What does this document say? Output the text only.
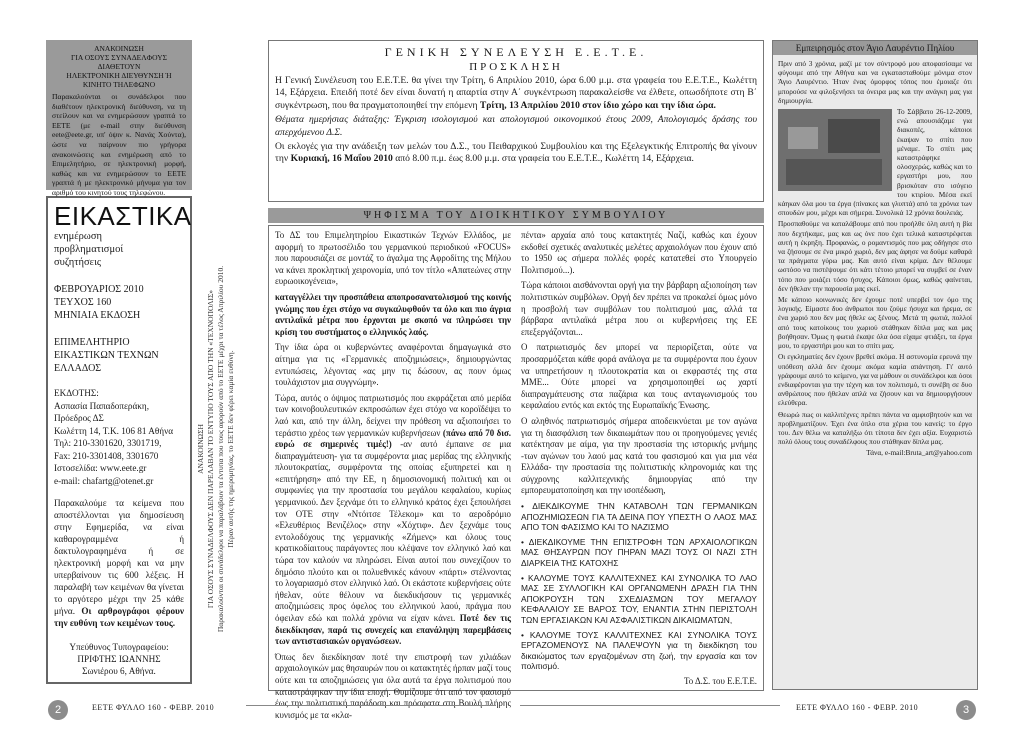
ΑΝΑΚΟΙΝΩΣΗ
ΓΙΑ ΟΣΟΥΣ ΣΥΝΑΔΕΛΦΟΥΣ ΔΙΑΘΕΤΟΥΝ
ΗΛΕΚΤΡΟΝΙΚΗ ΔΙΕΥΘΥΝΣΗ Ή ΚΙΝΗΤΟ ΤΗΛΕΦΩΝΟ
Παρακαλούνται οι συνάδελφοι που διαθέτουν ηλεκτρονική διεύθυνση, να τη στείλουν και να ενημερώσουν γραπτά το ΕΕΤΕ (με e-mail στην διεύθυνση eete@eete.gr, υπ' όψιν κ. Νανάς Χούντα), ώστε να παίρνουν πιο γρήγορα ανακοινώσεις και ενημέρωση από το Επιμελητήριο, σε ηλεκτρονική μορφή, καθώς και να ενημερώσουν το ΕΕΤΕ γραπτά ή με ηλεκτρονικό μήνυμα για τον αριθμό του κινητού τους τηλεφώνου.
ΕΙΚΑΣΤΙΚΑ
ενημέρωση
προβληματισμοί
συζητήσεις
ΦΕΒΡΟΥΑΡΙΟΣ 2010
ΤΕΥΧΟΣ 160
ΜΗΝΙΑΙΑ ΕΚΔΟΣΗ
ΕΠΙΜΕΛΗΤΗΡΙΟ
ΕΙΚΑΣΤΙΚΩΝ ΤΕΧΝΩΝ
ΕΛΛΑΔΟΣ
ΕΚΔΟΤΗΣ:
Ασπασία Παπαδοπεράκη,
Πρόεδρος ΔΣ
Κωλέττη 14, Τ.Κ. 106 81 Αθήνα
Τηλ: 210-3301620, 3301719,
Fax: 210-3301408, 3301670
Ιστοσελίδα: www.eete.gr
e-mail: chafartg@otenet.gr
Παρακαλούμε τα κείμενα που αποστέλλονται για δημοσίευση στην Εφημερίδα, να είναι καθαρογραμμένα ή δακτυλογραφημένα ή σε ηλεκτρονική μορφή και να μην υπερβαίνουν τις 600 λέξεις. Η παραλαβή των κειμένων θα γίνεται το αργότερο μέχρι την 25 κάθε μήνα. Οι αρθρογράφοι φέρουν την ευθύνη των κειμένων τους.
Υπεύθυνος Τυπογραφείου:
ΠΡΙΦΤΗΣ ΙΩΑΝΝΗΣ
Σωνιέρου 6, Αθήνα.
ΑΝΑΚΟΙΝΩΣΗ ΓΙΑ ΟΣΟΥΣ ΣΥΝΑΔΕΛΦΟΥΣ ΔΕΝ ΠΑΡΕΛΑΒΑΝ ΤΟ ΕΝΤΥΠΟ ΤΟΥΣ ΑΠΟ ΤΗΝ «ΤΕΧΝΟΠΟΛΙΣ» Παρακαλούνται οι συνάδελφοι να παραλάβουν τα έντυπα που τους αφορούν από το ΕΕΤΕ μέχρι τα τέλος Απριλίου 2010. Πέραν αυτής της ημερομηνίας, το ΕΕΤΕ δεν φέρει καμία ευθύνη.
ΓΕΝΙΚΗ ΣΥΝΕΛΕΥΣΗ Ε.Ε.Τ.Ε.
ΠΡΟΣΚΛΗΣΗ

Η Γενική Συνέλευση του Ε.Ε.Τ.Ε. θα γίνει την Τρίτη, 6 Απριλίου 2010, ώρα 6.00 μ.μ. στα γραφεία του Ε.Ε.Τ.Ε., Κωλέττη 14, Εξάρχεια. Επειδή ποτέ δεν είναι δυνατή η απαρτία στην Α΄ συγκέντρωση παρακαλείσθε να έλθετε, οπωσδήποτε στη Β΄ συγκέντρωση, που θα πραγματοποιηθεί την επόμενη Τρίτη, 13 Απριλίου 2010 στον ίδιο χώρο και την ίδια ώρα.

Θέματα ημερήσιας διάταξης: Έγκριση ισολογισμού και απολογισμού οικονομικού έτους 2009, Απολογισμός δράσης του απερχόμενου Δ.Σ.

Οι εκλογές για την ανάδειξη των μελών του Δ.Σ., του Πειθαρχικού Συμβουλίου και της Εξελεγκτικής Επιτροπής θα γίνουν την Κυριακή, 16 Μαΐου 2010 από 8.00 π.μ. έως 8.00 μ.μ. στα γραφεία του Ε.Ε.Τ.Ε., Κωλέττη 14, Εξάρχεια.

ΨΗΦΙΣΜΑ ΤΟΥ ΔΙΟΙΚΗΤΙΚΟΥ ΣΥΜΒΟΥΛΙΟΥ

Το ΔΣ του Επιμελητηρίου Εικαστικών Τεχνών Ελλάδος, με αφορμή το πρωτοσέλιδο του γερμανικού περιοδικού «FOCUS» που παρουσιάζει σε μοντάζ το άγαλμα της Αφροδίτης της Μήλου να κάνει προκλητική χειρονομία, υπό τον τίτλο «Απατεώνες στην ευρωοικογένεια»,

καταγγέλλει την προσπάθεια αποπροσανατολισμού της κοινής γνώμης που έχει στόχο να συγκαλυφθούν τα όλο και πιο άγρια αντιλαϊκά μέτρα που έρχονται με σκοπό να πληρώσει την κρίση του συστήματος ο ελληνικός λαός.

Την ίδια ώρα οι κυβερνώντες αναφέρονται δημαγωγικά στο αίτημα για τις «Γερμανικές αποζημιώσεις», δημιουργώντας εντυπώσεις, λέγοντας «ας μην τις δώσουν, ας πουν όμως τουλάχιστον μια συγγνώμη».

Τώρα, αυτός ο όψιμος πατριωτισμός που εκφράζεται από μερίδα των κοινοβουλευτικών εκπροσώπων έχει στόχο να κοροϊδέψει το λαό και, από την άλλη, δείχνει την πρόθεση να αξιοποιήσει το τεράστιο χρέος των γερμανικών κυβερνήσεων (πάνω από 70 δισ. ευρώ σε σημερινές τιμές!) -αν αυτό έμπαινε σε μια διαπραγμάτευση- για τα συμφέροντα μιας μερίδας της ελληνικής πλουτοκρατίας, συμφέροντα της οποίας εξυπηρετεί και η «επιτήρηση» από την ΕΕ, η δημοσιονομική πολιτική και οι συμφωνίες για την προστασία του μεγάλου κεφαλαίου, κυρίως γερμανικού. Δεν ξεχνάμε ότι το ελληνικό κράτος έχει ξεπουλήσει τον ΟΤΕ στην «Ντόιτσε Τέλεκομ» και το αεροδρόμιο «Ελευθέριος Βενιζέλος» στην «Χόχτιφ». Δεν ξεχνάμε τους εντολοδόχους της γερμανικής «Ζήμενς» και όλους τους κρατικοδίαιτους παράγοντες που κλέψανε τον ελληνικό λαό και τώρα τον καλούν να πληρώσει. Είναι αυτοί που συνεχίζουν το δημόσιο πλούτο και οι πολυεθνικές κάνουν «πάρτι» στέλνοντας το λογαριασμό στον ελληνικό λαό. Οι εκάστοτε κυβερνήσεις ούτε ήθελαν, ούτε θέλουν να διεκδικήσουν τις γερμανικές αποζημιώσεις προς όφελος του ελληνικού λαού, πράγμα που όφειλαν εδώ και πολλά χρόνια να είχαν κάνει. Ποτέ δεν τις διεκδίκησαν, παρά τις συνεχείς και επανάληψη παρεμβάσεις των αντιστασιακών οργανώσεων.

Όπως δεν διεκδίκησαν ποτέ την επιστροφή των χιλιάδων αρχαιολογικών μας θησαυρών που οι κατακτητές ήρπαν μαζί τους ούτε και τα αποζημιώσεις για όλα αυτά τα έργα πολιτισμού που καταστράφηκαν την ίδια εποχή. Θυμίζουμε ότι από τον φασισμό έως την πολιτιστική παράδοση και πρόσφατα στη Βουλή πλήρης κυνισμός με τα «κλα-

πέντα» αρχαία από τους κατακτητές Ναζί, καθώς και έχουν εκδοθεί σχετικές αναλυτικές μελέτες αρχαιολόγων που έχουν από το 1950 ως σήμερα πολλές φορές κατατεθεί στο Υπουργείο Πολιτισμού...).

Τώρα κάποιοι αισθάνονται οργή για την βάρβαρη αξιοποίηση των πολιτιστικών συμβόλων. Οργή δεν πρέπει να προκαλεί όμως μόνο η προσβολή των συμβόλων του πολιτισμού μας, αλλά τα βάρβαρα αντιλαϊκά μέτρα που οι κυβερνήσεις της ΕΕ επεξεργάζονται...

Ο πατριωτισμός δεν μπορεί να περιορίζεται, ούτε να προσαρμόζεται κάθε φορά ανάλογα με τα συμφέροντα που έχουν να υπηρετήσουν η πλουτοκρατία και οι εκφραστές της στα ΜΜΕ... Ούτε μπορεί να χρησιμοποιηθεί ως χαρτί διαπραγμάτευσης στα παζάρια και τους ανταγωνισμούς του κεφαλαίου εντός και εκτός της Ευρωπαϊκής Ένωσης.

Ο αληθινός πατριωτισμός σήμερα αποδεικνύεται με τον αγώνα για τη διασφάλιση των δικαιωμάτων που οι προηγούμενες γενιές κατέκτησαν με αίμα, για την προστασία της ιστορικής μνήμης -των αγώνων του λαού μας κατά του φασισμού και για μια νέα Ελλάδα- την προστασία της πολιτιστικής κληρονομιάς και της σύγχρονης καλλιτεχνικής δημιουργίας από την εμπορευματοποίηση και την ισοπέδωση,

• ΔΙΕΚΔΙΚΟΥΜΕ ΤΗΝ ΚΑΤΑΒΟΛΗ ΤΩΝ ΓΕΡΜΑΝΙΚΩΝ ΑΠΟΖΗΜΙΩΣΕΩΝ ΓΙΑ ΤΑ ΔΕΙΝΑ ΠΟΥ ΥΠΕΣΤΗ Ο ΛΑΟΣ ΜΑΣ ΑΠΟ ΤΟΝ ΦΑΣΙΣΜΟ ΚΑΙ ΤΟ ΝΑΖΙΣΜΟ

• ΔΙΕΚΔΙΚΟΥΜΕ ΤΗΝ ΕΠΙΣΤΡΟΦΗ ΤΩΝ ΑΡΧΑΙΟΛΟΓΙΚΩΝ ΜΑΣ ΘΗΣΑΥΡΩΝ ΠΟΥ ΠΗΡΑΝ ΜΑΖΙ ΤΟΥΣ ΟΙ ΝΑΖΙ ΣΤΗ ΔΙΑΡΚΕΙΑ ΤΗΣ ΚΑΤΟΧΗΣ

• ΚΑΛΟΥΜΕ ΤΟΥΣ ΚΑΛΛΙΤΕΧΝΕΣ ΚΑΙ ΣΥΝΟΛΙΚΑ ΤΟ ΛΑΟ ΜΑΣ ΣΕ ΣΥΛΛΟΓΙΚΗ ΚΑΙ ΟΡΓΑΝΩΜΕΝΗ ΔΡΑΣΗ ΓΙΑ ΤΗΝ ΑΠΟΚΡΟΥΣΗ ΤΩΝ ΣΧΕΔΙΑΣΜΩΝ ΤΟΥ ΜΕΓΑΛΟΥ ΚΕΦΑΛΑΙΟΥ ΣΕ ΒΑΡΟΣ ΤΟΥ, ΕΝΑΝΤΙΑ ΣΤΗΝ ΠΕΡΙΣΤΟΛΗ ΤΩΝ ΕΡΓΑΣΙΑΚΩΝ ΚΑΙ ΑΣΦΑΛΙΣΤΙΚΩΝ ΔΙΚΑΙΩΜΑΤΩΝ,

• ΚΑΛΟΥΜΕ ΤΟΥΣ ΚΑΛΛΙΤΕΧΝΕΣ ΚΑΙ ΣΥΝΟΛΙΚΑ ΤΟΥΣ ΕΡΓΑΖΟΜΕΝΟΥΣ ΝΑ ΠΑΛΕΨΟΥΝ για τη διεκδίκηση του δικαιώματος των εργαζομένων στη ζωή, την εργασία και τον πολιτισμό.

Το Δ.Σ. του Ε.Ε.Τ.Ε.
Εμπειρησμός στον Άγιο Λαυρέντιο Πηλίου

Πριν από 3 χρόνια, μαζί με τον σύντροφό μου αποφασίσαμε να φύγουμε από την Αθήνα και να εγκατασταθούμε μόνιμα στον Άγιο Λαυρέντιο. Ήταν ένας όμορφος τόπος που έμοιαζε ότι μπορούσε να φιλοξενήσει τα όνειρα μας και την ανάγκη μας για δημιουργία.

Το Σάββατο 26-12-2009, ενώ απουσιάζαμε για διακοπές, κάποιοι έκαψαν το σπίτι που μέναμε. Το σπίτι μας καταστράφηκε ολοσχερώς, καθώς και το εργαστήρι μου, που βρισκόταν στο ισόγειο του κτιρίου. Μέσα εκεί κάηκαν όλα μου τα έργα (πίνακες και γλυπτά) από τα χρόνια των σπουδών μου, μέχρι και σήμερα. Συνολικά 12 χρόνια δουλειάς.

Προσπαθούμε να καταλάβουμε από που προήλθε όλη αυτή η βία που δεχτήκαμε, μας και ως όνε που έχει τελικά καταστρέφεται αυτή η έκρηξη. Προφανώς, ο ρομαντισμός που μας οδήγησε στο να ζήσουμε σε ένα μικρό χωριό, δεν μας άφησε να δούμε καθαρά τα πράγματα γύρω μας. Και αυτό είναι κρίμα. Δεν θέλουμε ωστόσο να πιστέψουμε ότι κάτι τέτοιο μπορεί να συμβεί σε έναν τόπο που μοιάζει τόσο ήσυχος. Κάποιοι όμως, καθώς φαίνεται, δεν ήθελαν την παρουσία μας εκεί.

Με κάποιο κοινωνικές δεν έχουμε ποτέ υπερβεί τον όμο της λογικής. Είμαστε δυο άνθρωποι που ζούμε ήσυχα και ήρεμα, σε ένα χωριό που δεν μας ήθελε ως ξένους. Μετά τη φωτιά, πολλοί από τους κατοίκους του χωριού στάθηκαν δίπλα μας και μας βοήθησαν. Όμως η φωτιά έκαψε όλα όσα είχαμε φτιάξει, τα έργα μου, το εργαστήρι μου και το σπίτι μας.

Οι εγκληματίες δεν έχουν βρεθεί ακόμα. Η αστυνομία ερευνά την υπόθεση αλλά δεν έχουμε ακόμα καμία απάντηση. Γι' αυτό γράφουμε αυτό το κείμενο, για να μάθουν οι συνάδελφοι και όσοι ενδιαφέρονται για την τέχνη και τον πολιτισμό, τι συνέβη σε δυο ανθρώπους που ήθελαν απλά να ζήσουν και να δημιουργήσουν ελεύθερα.

Θεωρώ πως οι καλλιτέχνες πρέπει πάντα να αμφισβητούν και να προβληματίζουν. Έχει ένα όπλο στα χέρια του κανείς: το έργο του. Δεν θέλω να καταλήξω ότι τίποτα δεν έχει αξία. Ευχαριστώ πολύ όλους τους συναδέλφους που στάθηκαν δίπλα μας.

Τάνα, e-mail:Bruta_art@yahoo.com
2	ΕΕΤΕ ΦΥΛΛΟ 160 - ΦΕΒΡ. 2010	ΕΕΤΕ ΦΥΛΛΟ 160 - ΦΕΒΡ. 2010	3
